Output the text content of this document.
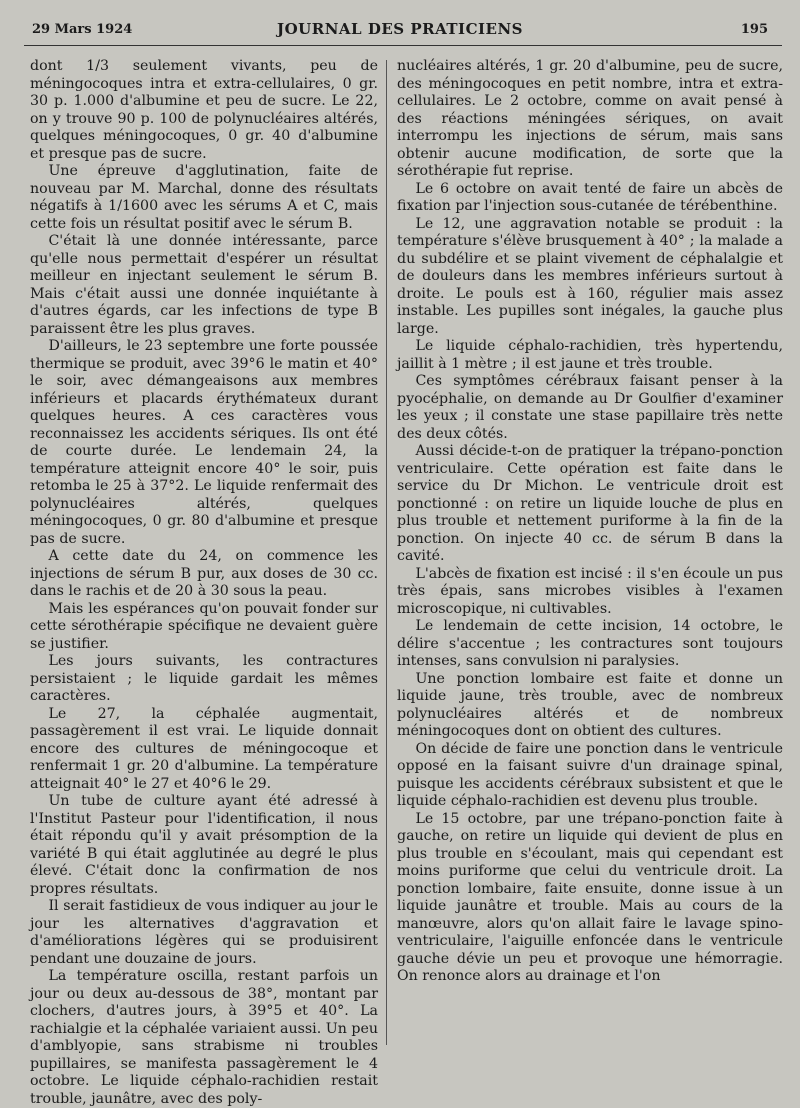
29 Mars 1924	JOURNAL DES PRATICIENS	195

dont 1/3 seulement vivants, peu de méningocoques intra et extra-cellulaires, 0 gr. 30 p. 1.000 d'albumine et peu de sucre. Le 22, on y trouve 90 p. 100 de polynucléaires altérés, quelques méningocoques, 0 gr. 40 d'albumine et presque pas de sucre.

Une épreuve d'agglutination, faite de nouveau par M. Marchal, donne des résultats négatifs à 1/1600 avec les sérums A et C, mais cette fois un résultat positif avec le sérum B.

C'était là une donnée intéressante, parce qu'elle nous permettait d'espérer un résultat meilleur en injectant seulement le sérum B. Mais c'était aussi une donnée inquiétante à d'autres égards, car les infections de type B paraissent être les plus graves.

D'ailleurs, le 23 septembre une forte poussée thermique se produit, avec 39°6 le matin et 40° le soir, avec démangeaisons aux membres inférieurs et placards érythémateux durant quelques heures. A ces caractères vous reconnaissez les accidents sériques. Ils ont été de courte durée. Le lendemain 24, la température atteignit encore 40° le soir, puis retomba le 25 à 37°2. Le liquide renfermait des polynucléaires altérés, quelques méningocoques, 0 gr. 80 d'albumine et presque pas de sucre.

A cette date du 24, on commence les injections de sérum B pur, aux doses de 30 cc. dans le rachis et de 20 à 30 sous la peau.

Mais les espérances qu'on pouvait fonder sur cette sérothérapie spécifique ne devaient guère se justifier.

Les jours suivants, les contractures persistaient ; le liquide gardait les mêmes caractères.

Le 27, la céphalée augmentait, passagèrement il est vrai. Le liquide donnait encore des cultures de méningocoque et renfermait 1 gr. 20 d'albumine. La température atteignait 40° le 27 et 40°6 le 29.

Un tube de culture ayant été adressé à l'Institut Pasteur pour l'identification, il nous était répondu qu'il y avait présomption de la variété B qui était agglutinée au degré le plus élevé. C'était donc la confirmation de nos propres résultats.

Il serait fastidieux de vous indiquer au jour le jour les alternatives d'aggravation et d'améliorations légères qui se produisirent pendant une douzaine de jours.

La température oscilla, restant parfois un jour ou deux au-dessous de 38°, montant par clochers, d'autres jours, à 39°5 et 40°. La rachialgie et la céphalée variaient aussi. Un peu d'amblyopie, sans strabisme ni troubles pupillaires, se manifesta passagèrement le 4 octobre. Le liquide céphalo-rachidien restait trouble, jaunâtre, avec des poly-

nucléaires altérés, 1 gr. 20 d'albumine, peu de sucre, des méningocoques en petit nombre, intra et extra-cellulaires. Le 2 octobre, comme on avait pensé à des réactions méningées sériques, on avait interrompu les injections de sérum, mais sans obtenir aucune modification, de sorte que la sérothérapie fut reprise.

Le 6 octobre on avait tenté de faire un abcès de fixation par l'injection sous-cutanée de térébenthine.

Le 12, une aggravation notable se produit : la température s'élève brusquement à 40° ; la malade a du subdélire et se plaint vivement de céphalalgie et de douleurs dans les membres inférieurs surtout à droite. Le pouls est à 160, régulier mais assez instable. Les pupilles sont inégales, la gauche plus large.

Le liquide céphalo-rachidien, très hypertendu, jaillit à 1 mètre ; il est jaune et très trouble.

Ces symptômes cérébraux faisant penser à la pyocéphalie, on demande au Dr Goulfier d'examiner les yeux ; il constate une stase papillaire très nette des deux côtés.

Aussi décide-t-on de pratiquer la trépano-ponction ventriculaire. Cette opération est faite dans le service du Dr Michon. Le ventricule droit est ponctionné : on retire un liquide louche de plus en plus trouble et nettement puriforme à la fin de la ponction. On injecte 40 cc. de sérum B dans la cavité.

L'abcès de fixation est incisé : il s'en écoule un pus très épais, sans microbes visibles à l'examen microscopique, ni cultivables.

Le lendemain de cette incision, 14 octobre, le délire s'accentue ; les contractures sont toujours intenses, sans convulsion ni paralysies.

Une ponction lombaire est faite et donne un liquide jaune, très trouble, avec de nombreux polynucléaires altérés et de nombreux méningocoques dont on obtient des cultures.

On décide de faire une ponction dans le ventricule opposé en la faisant suivre d'un drainage spinal, puisque les accidents cérébraux subsistent et que le liquide céphalo-rachidien est devenu plus trouble.

Le 15 octobre, par une trépano-ponction faite à gauche, on retire un liquide qui devient de plus en plus trouble en s'écoulant, mais qui cependant est moins puriforme que celui du ventricule droit. La ponction lombaire, faite ensuite, donne issue à un liquide jaunâtre et trouble. Mais au cours de la manœuvre, alors qu'on allait faire le lavage spino-ventriculaire, l'aiguille enfoncée dans le ventricule gauche dévie un peu et provoque une hémorragie. On renonce alors au drainage et l'on
